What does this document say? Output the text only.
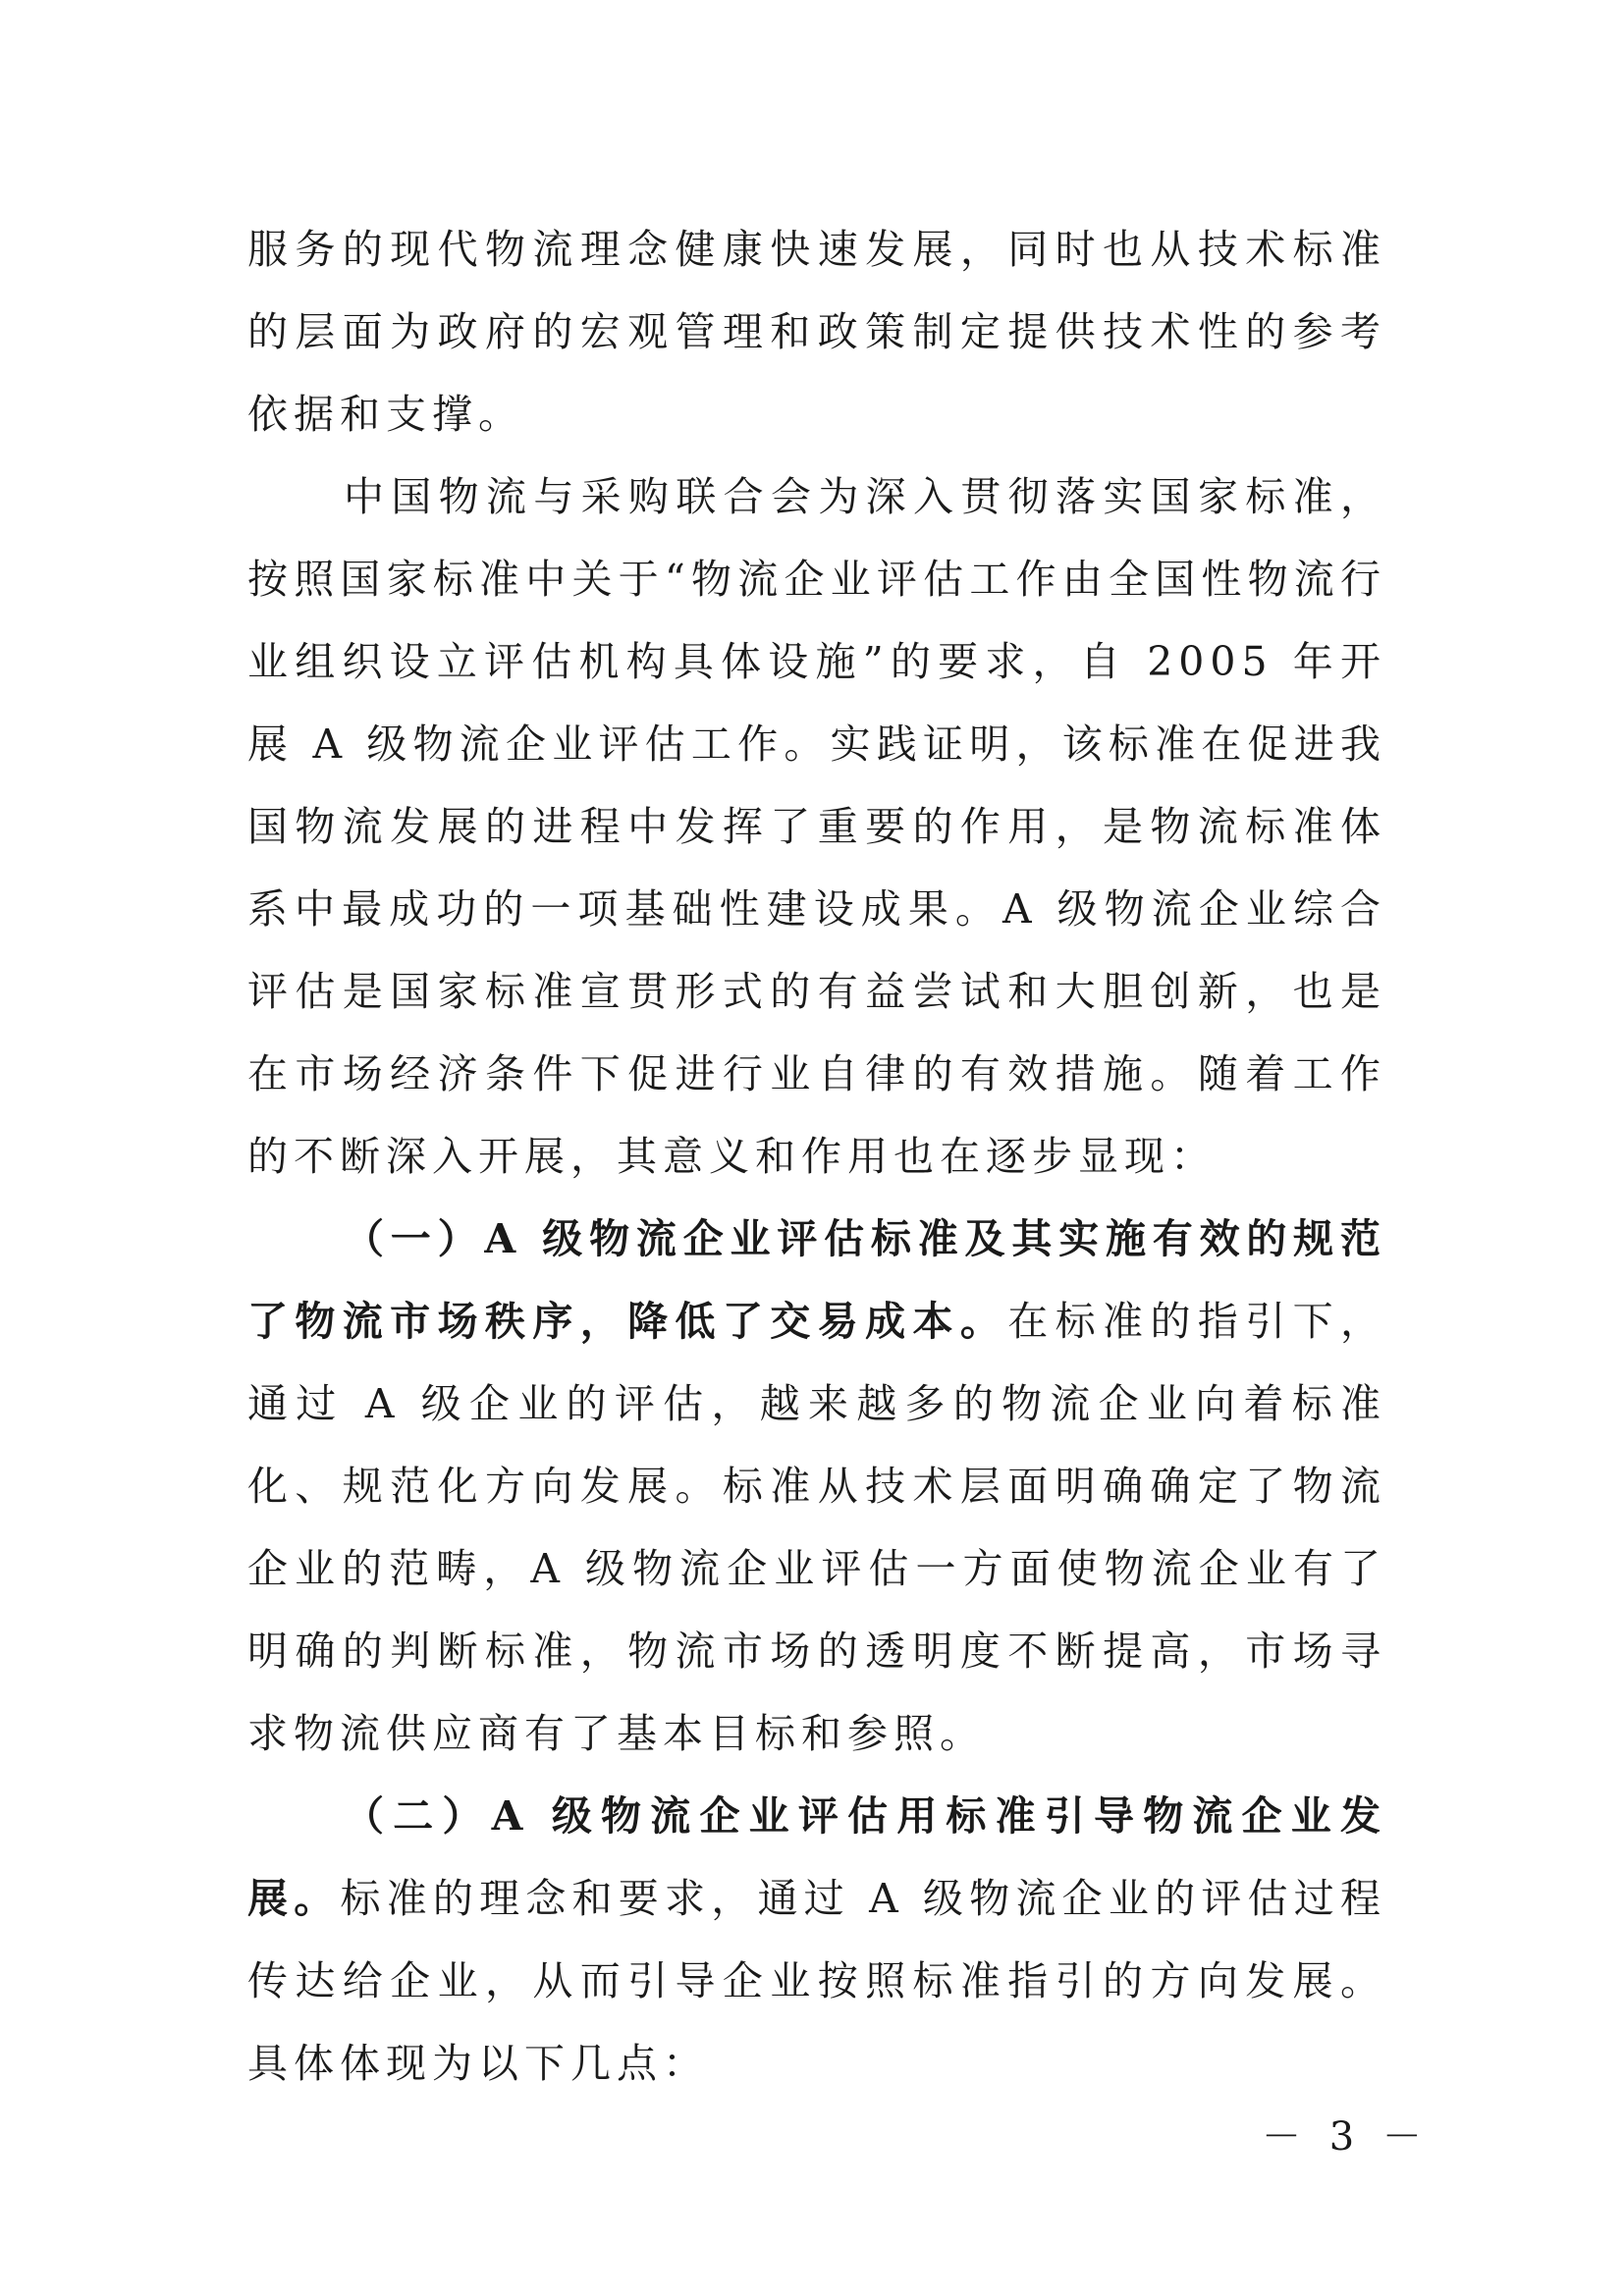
服务的现代物流理念健康快速发展，同时也从技术标准的层面为政府的宏观管理和政策制定提供技术性的参考依据和支撑。

中国物流与采购联合会为深入贯彻落实国家标准，按照国家标准中关于“物流企业评估工作由全国性物流行业组织设立评估机构具体设施”的要求，自 2005 年开展 A 级物流企业评估工作。实践证明，该标准在促进我国物流发展的进程中发挥了重要的作用，是物流标准体系中最成功的一项基础性建设成果。A 级物流企业综合评估是国家标准宣贯形式的有益尝试和大胆创新，也是在市场经济条件下促进行业自律的有效措施。随着工作的不断深入开展，其意义和作用也在逐步显现：

（一）A 级物流企业评估标准及其实施有效的规范了物流市场秩序，降低了交易成本。在标准的指引下，通过 A 级企业的评估，越来越多的物流企业向着标准化、规范化方向发展。标准从技术层面明确确定了物流企业的范畴，A 级物流企业评估一方面使物流企业有了明确的判断标准，物流市场的透明度不断提高，市场寻求物流供应商有了基本目标和参照。

（二）A 级物流企业评估用标准引导物流企业发展。标准的理念和要求，通过 A 级物流企业的评估过程传达给企业，从而引导企业按照标准指引的方向发展。具体体现为以下几点：

－ 3 －
